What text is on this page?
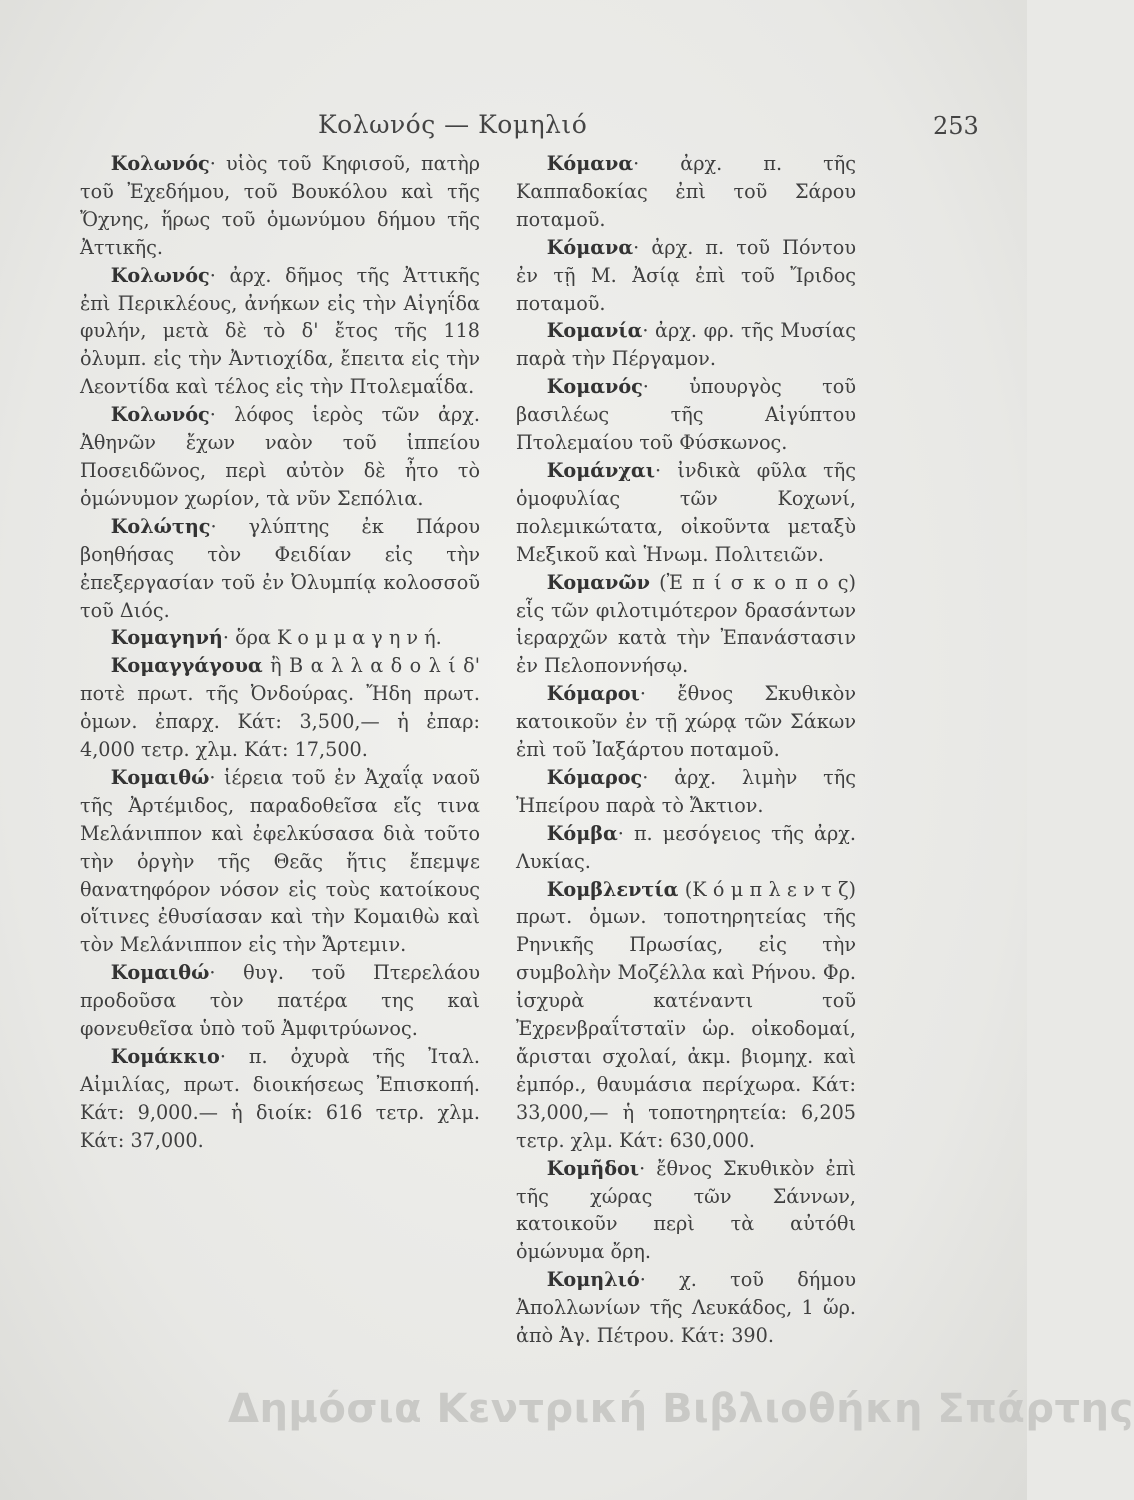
Κολωνός — Κομηλιό	253

Κολωνός· υἱὸς τοῦ Κηφισοῦ, πατὴρ τοῦ Ἐχεδήμου, τοῦ Βουκόλου καὶ τῆς Ὄχνης, ἥρως τοῦ ὁμωνύμου δήμου τῆς Ἀττικῆς.

Κολωνός· ἀρχ. δῆμος τῆς Ἀττικῆς ἐπὶ Περικλέους, ἀνήκων εἰς τὴν Αἰγηΐδα φυλήν, μετὰ δὲ τὸ δ' ἔτος τῆς 118 ὀλυμπ. εἰς τὴν Ἀντιοχίδα, ἔπειτα εἰς τὴν Λεοντίδα καὶ τέλος εἰς τὴν Πτολεμαΐδα.

Κολωνός· λόφος ἱερὸς τῶν ἀρχ. Ἀθηνῶν ἔχων ναὸν τοῦ ἱππείου Ποσειδῶνος, περὶ αὐτὸν δὲ ἦτο τὸ ὁμώνυμον χωρίον, τὰ νῦν Σεπόλια.

Κολώτης· γλύπτης ἐκ Πάρου βοηθήσας τὸν Φειδίαν εἰς τὴν ἐπεξεργασίαν τοῦ ἐν Ὀλυμπίᾳ κολοσσοῦ τοῦ Διός.

Κομαγηνή· ὅρα Κ ο μ μ α γ η ν ή.

Κομαγγάγουα ἢ Β α λ λ α δ ο λ ί δ' ποτὲ πρωτ. τῆς Ὀνδούρας. Ἤδη πρωτ. ὁμων. ἐπαρχ. Κάτ: 3,500,— ἡ ἐπαρ: 4,000 τετρ. χλμ. Κάτ: 17,500.

Κομαιθώ· ἱέρεια τοῦ ἐν Ἀχαΐᾳ ναοῦ τῆς Ἀρτέμιδος, παραδοθεῖσα εἴς τινα Μελάνιππον καὶ ἐφελκύσασα διὰ τοῦτο τὴν ὀργὴν τῆς Θεᾶς ἥτις ἔπεμψε θανατηφόρον νόσον εἰς τοὺς κατοίκους οἵτινες ἐθυσίασαν καὶ τὴν Κομαιθὼ καὶ τὸν Μελάνιππον εἰς τὴν Ἄρτεμιν.

Κομαιθώ· θυγ. τοῦ Πτερελάου προδοῦσα τὸν πατέρα της καὶ φονευθεῖσα ὑπὸ τοῦ Ἀμφιτρύωνος.

Κομάκκιο· π. ὀχυρὰ τῆς Ἰταλ. Αἰμιλίας, πρωτ. διοικήσεως Ἐπισκοπή. Κάτ: 9,000.— ἡ διοίκ: 616 τετρ. χλμ. Κάτ: 37,000.

Κόμανα· ἀρχ. π. τῆς Καππαδοκίας ἐπὶ τοῦ Σάρου ποταμοῦ.

Κόμανα· ἀρχ. π. τοῦ Πόντου ἐν τῇ Μ. Ἀσίᾳ ἐπὶ τοῦ Ἴριδος ποταμοῦ.

Κομανία· ἀρχ. φρ. τῆς Μυσίας παρὰ τὴν Πέργαμον.

Κομανός· ὑπουργὸς τοῦ βασιλέως τῆς Αἰγύπτου Πτολεμαίου τοῦ Φύσκωνος.

Κομάνχαι· ἰνδικὰ φῦλα τῆς ὁμοφυλίας τῶν Κοχωνί, πολεμικώτατα, οἰκοῦντα μεταξὺ Μεξικοῦ καὶ Ἡνωμ. Πολιτειῶν.

Κομανῶν (Ἐ π ί σ κ ο π ο ς) εἷς τῶν φιλοτιμότερον δρασάντων ἱεραρχῶν κατὰ τὴν Ἐπανάστασιν ἐν Πελοποννήσῳ.

Κόμαροι· ἔθνος Σκυθικὸν κατοικοῦν ἐν τῇ χώρᾳ τῶν Σάκων ἐπὶ τοῦ Ἰαξάρτου ποταμοῦ.

Κόμαρος· ἀρχ. λιμὴν τῆς Ἠπείρου παρὰ τὸ Ἄκτιον.

Κόμβα· π. μεσόγειος τῆς ἀρχ. Λυκίας.

Κομβλεντία (Κ ό μ π λ ε ν τ ζ) πρωτ. ὁμων. τοποτηρητείας τῆς Ρηνικῆς Πρωσίας, εἰς τὴν συμβολὴν Μοζέλλα καὶ Ρήνου. Φρ. ἰσχυρὰ κατέναντι τοῦ Ἐχρενβραΐτσταϊν ὡρ. οἰκοδομαί, ἄρισται σχολαί, ἀκμ. βιομηχ. καὶ ἐμπόρ., θαυμάσια περίχωρα. Κάτ: 33,000,— ἡ τοποτηρητεία: 6,205 τετρ. χλμ. Κάτ: 630,000.

Κομῆδοι· ἔθνος Σκυθικὸν ἐπὶ τῆς χώρας τῶν Σάννων, κατοικοῦν περὶ τὰ αὐτόθι ὁμώνυμα ὄρη.

Κομηλιό· χ. τοῦ δήμου Ἀπολλωνίων τῆς Λευκάδος, 1 ὥρ. ἀπὸ Ἀγ. Πέτρου. Κάτ: 390.

Δημόσια Κεντρική Βιβλιοθήκη Σπάρτης
